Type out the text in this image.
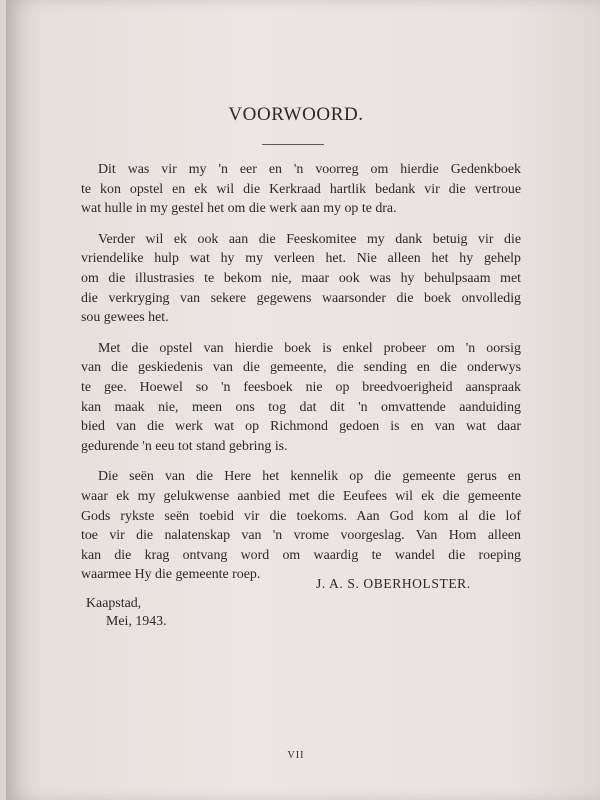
VOORWOORD.

Dit was vir my 'n eer en 'n voorreg om hierdie Gedenkboek
te kon opstel en ek wil die Kerkraad hartlik bedank vir die vertroue
wat hulle in my gestel het om die werk aan my op te dra.

Verder wil ek ook aan die Feeskomitee my dank betuig vir die
vriendelike hulp wat hy my verleen het. Nie alleen het hy gehelp
om die illustrasies te bekom nie, maar ook was hy behulpsaam met
die verkryging van sekere gegewens waarsonder die boek onvolledig
sou gewees het.

Met die opstel van hierdie boek is enkel probeer om 'n oorsig
van die geskiedenis van die gemeente, die sending en die onderwys
te gee. Hoewel so 'n feesboek nie op breedvoerigheid aanspraak
kan maak nie, meen ons tog dat dit 'n omvattende aanduiding
bied van die werk wat op Richmond gedoen is en van wat daar
gedurende 'n eeu tot stand gebring is.

Die seën van die Here het kennelik op die gemeente gerus en
waar ek my gelukwense aanbied met die Eeufees wil ek die gemeente
Gods rykste seën toebid vir die toekoms. Aan God kom al die lof
toe vir die nalatenskap van 'n vrome voorgeslag. Van Hom alleen
kan die krag ontvang word om waardig te wandel die roeping
waarmee Hy die gemeente roep.

J. A. S. OBERHOLSTER.
Kaapstad,
Mei, 1943.
VII
